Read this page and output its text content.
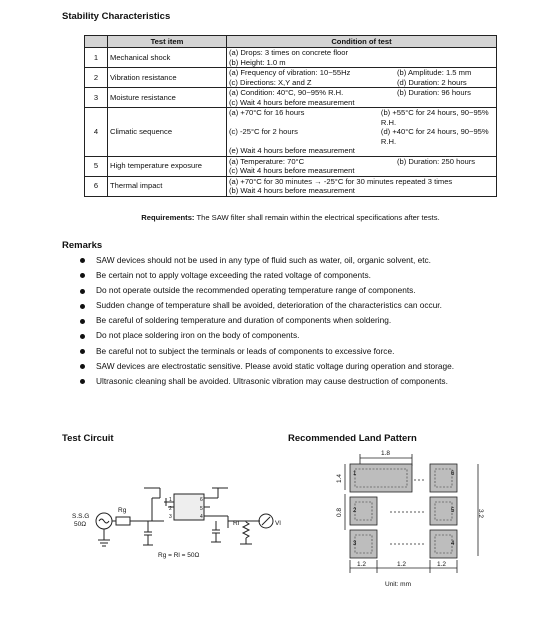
Stability Characteristics
	Test item	Condition of test
1	Mechanical shock	(a) Drops: 3 times on concrete floor
(b) Height: 1.0 m

2	Vibration resistance	(a) Frequency of vibration: 10~55Hz (b) Amplitude: 1.5 mm
(c) Directions: X,Y and Z (d) Duration: 2 hours

3	Moisture resistance	(a) Condition: 40°C, 90~95% R.H. (b) Duration: 96 hours
(c) Wait 4 hours before measurement

4	Climatic sequence	(a) +70°C for 16 hours (b) +55°C for 24 hours, 90~95% R.H.
(c) -25°C for 2 hours (d) +40°C for 24 hours, 90~95% R.H.
(e) Wait 4 hours before measurement

5	High temperature exposure	(a) Temperature: 70°C (b) Duration: 250 hours
(c) Wait 4 hours before measurement

6	Thermal impact	(a) +70°C for 30 minutes → -25°C for 30 minutes repeated 3 times
(b) Wait 4 hours before measurement
Requirements: The SAW filter shall remain within the electrical specifications after tests.
Remarks
SAW devices should not be used in any type of fluid such as water, oil, organic solvent, etc.
Be certain not to apply voltage exceeding the rated voltage of components.
Do not operate outside the recommended operating temperature range of components.
Sudden change of temperature shall be avoided, deterioration of the characteristics can occur.
Be careful of soldering temperature and duration of components when soldering.
Do not place soldering iron on the body of components.
Be careful not to subject the terminals or leads of components to excessive force.
SAW devices are electrostatic sensitive. Please avoid static voltage during operation and storage.
Ultrasonic cleaning shall be avoided. Ultrasonic vibration may cause destruction of components.
Test Circuit
Rg
Rl	Vl
S.S.G
50Ω
Rg = Rl = 50Ω
1
2
3	4
5
6
Recommended Land Pattern
1
2
3	4
5
6
1.8
1.4
0.8	3.2
1.2	1.2	1.2
Unit: mm
